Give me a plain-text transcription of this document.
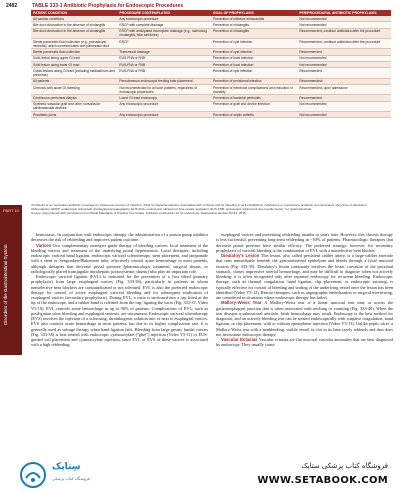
2482	TABLE 333-1 Antibiotic Prophylaxis for Endoscopic Procedures
PATIENT CONDITION	PROCEDURE CONTEMPLATED	GOAL OF PROPHYLAXIS	PERIPROCEDURAL ANTIBIOTIC PROPHYLAXIS
All cardiac conditions	Any endoscopic procedure	Prevention of infective endocarditis	Not recommended
Bile duct obstruction in the absence of cholangitis	ERCP with complete drainage	Prevention of cholangitis	Not recommended
Bile duct obstruction in the absence of cholangitis	ERCP with anticipated incomplete drainage (e.g., sclerosing cholangitis, hilar strictures)	Prevention of cholangitis	Recommended; continue antibiotics after the procedure
Sterile pancreatic fluid collection (e.g., pseudocyst, necrosis), which communicates with pancreatic duct	ERCP	Prevention of cyst infection	Recommended; continue antibiotics after the procedure
Sterile pancreatic fluid collection	Transmural drainage	Prevention of cyst infection	Recommended
Solid lesion along upper GI tract	EUS-FNA or FNB	Prevention of local infection	Not recommended
Solid lesion along lower GI tract	EUS-FNA or FNB	Prevention of local infection	Not recommended
Cystic lesions along GI tract (including mediastinum and pancreas)	EUS-FNA or FNB	Prevention of cyst infection	Recommended
All patients	Percutaneous endoscopic feeding tube placement	Prevention of peristomal infection	Recommended¹
Cirrhosis with acute GI bleeding	Not recommended for all such patients, regardless of endoscopic procedures	Prevention of infectious complications and reduction of mortality	Recommended; upon admission²
Continuous peritoneal dialysis	Lower GI tract endoscopy	Prevention of bacterial peritonitis	Recommended
Synthetic vascular graft and other nonvalvular cardiovascular devices	Any endoscopic procedure	Prevention of graft and device infection	Not recommended
Prosthetic joints	Any endoscopic procedure	Prevention of septic arthritis	Not recommended

¹Cefazolin or an equivalent antibiotic coverage for cutaneous sources of infection. ²Risk for bacterial infection associated with cirrhosis and GI bleeding is well established; ceftriaxone or a quinolone antibiotic recommended. ³Any time of admission.

Abbreviations: ERCP, endoscopic retrograde cholangiopancreatography; EUS-FNA, endoscopic ultrasound–fine-needle aspiration; EUS-FNB, endoscopic ultrasound–fine-needle biopsy; GI, gastrointestinal.

Source: Reproduced with permission from ASGE Standards of Practice Committee: Antibiotic prophylaxis for GI endoscopy. Gastrointest Endosc 81:81, 2015.

PART 10
Disorders of the Gastrointestinal System

hemostasis. In conjunction with endoscopic therapy, the administration of a proton pump inhibitor decreases the risk of rebleeding and improves patient outcome.

Varices Two complementary strategies guide therapy of bleeding varices: local treatment of the bleeding varices and treatment of the underlying portal hypertension. Local therapies, including endoscopic variceal band ligation, endoscopic variceal sclerotherapy, stent placement, and tamponade with a stent or Sengstaken-Blakemore tube, effectively control acute hemorrhage in most patients, although therapies that decrease portal pressure (pharmacologic treatment, surgical shunts, or radiologically placed transjugular intrahepatic portosystemic shunts) also play an important role.

Endoscopic variceal ligation (EVL) is indicated for the prevention of a first bleed (primary prophylaxis) from large esophageal varices (Fig. 333-36), particularly in patients in whom nonselective beta blockers are contraindicated or not tolerated. EVL is also the preferred endoscopic therapy for control of active esophageal variceal bleeding and for subsequent eradication of esophageal varices (secondary prophylaxis). During EVL, a varix is suctioned into a cap fitted at the tip of the endoscope, and a rubber band is released from the cap, ligating the varix (Fig. 333-37, Video V5-10). EVL controls acute hemorrhage in up to 90% of patients. Complications of EVL, such as postligation ulcer bleeding and esophageal stenosis, are uncommon. Endoscopic variceal sclerotherapy (EVS) involves the injection of a sclerosing, thrombogenic solution into or next to esophageal varices. EVS also controls acute hemorrhage in most patients, but due to its higher complication rate, it is generally used as salvage therapy when band ligation fails. Bleeding from large gastric fundal varices (Fig. 333-38) is best treated with endoscopic cyanoacrylate ("glue") injection (Video V5-11) or EUS-guided coil placement and cyanoacrylate injection, since EVL or EVS of these varices is associated with a high rebleeding

esophageal varices and preventing rebleeding months to years later. However, this chronic therapy is less successful, preventing long-term rebleeding in ~50% of patients. Pharmacologic therapies that decrease portal pressure have similar efficacy. The preferred strategy, however, for secondary prophylaxis of variceal bleeding is the combination of EVL with a nonselective beta blocker.

Dieulafoy's Lesion This lesion, also called persistent caliber artery, is a large-caliber arteriole that runs immediately beneath the gastrointestinal epithelium and bleeds through a focal mucosal erosion (Fig. 333-39). Dieulafoy's lesion commonly involves the lesser curvature of the proximal stomach, causes impressive arterial hemorrhage, and may be difficult to diagnose when not actively bleeding; it is often recognized only after repeated endoscopy for recurrent bleeding. Endoscopic therapy, such as thermal coagulation, band ligation, clip placement, or endoscopic suturing, is typically effective for control of bleeding and sealing of the underlying vessel once the lesion has been identified (Video V5-12). Rescue therapies, such as angiographic embolization or surgical oversewing, are considered in situations where endoscopic therapy has failed.

Mallory-Weiss Tear A Mallory-Weiss tear is a linear mucosal rent near or across the gastroesophageal junction that is often associated with retching or vomiting (Fig. 333-40). When the tear disrupts a submucosal arteriole, brisk hemorrhage may result. Endoscopy is the best method for diagnosis, and an actively bleeding tear can be treated endoscopically with coaptive coagulation, band ligation, or clip placement, with or without epinephrine injection (Video V5-13). Unlike peptic ulcer, a Mallory-Weiss tear with a nonbleeding, visible vessel or clot in its base rarely rebleeds and thus does not necessitate endoscopic therapy.

Vascular Ectasias Vascular ectasias are flat mucosal vascular anomalies that are best diagnosed by endoscopy. They usually cause

سِتاپک
فروشگاه کتاب پزشکی
فروشگاه کتاب پزشکی ستاپک
WWW.SETABOOK.COM
